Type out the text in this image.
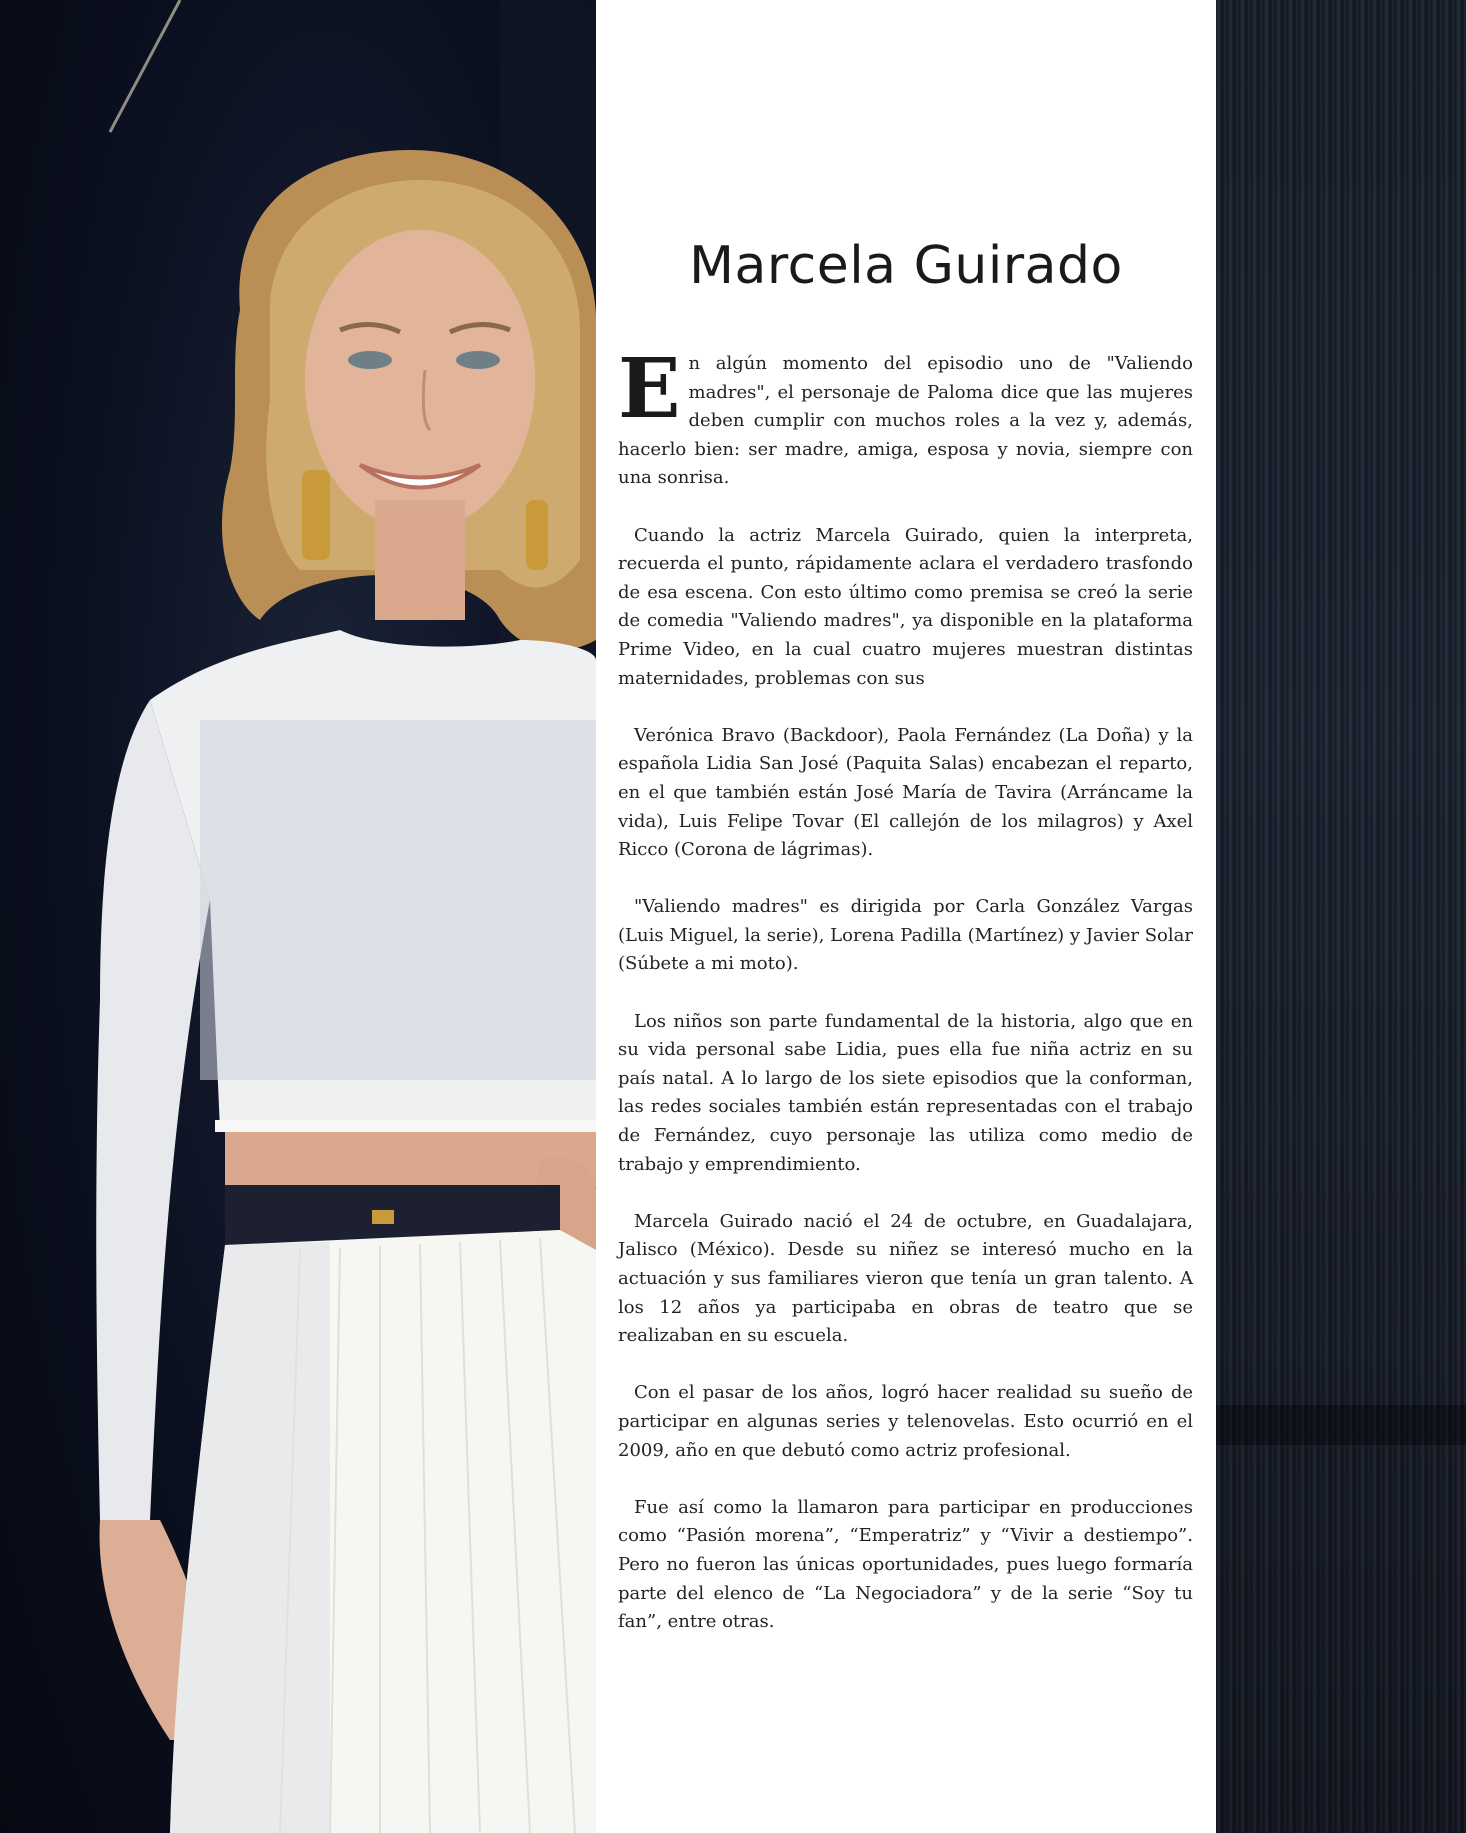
Marcela Guirado

En algún momento del episodio uno de "Valiendo madres", el personaje de Paloma dice que las mujeres deben cumplir con muchos roles a la vez y, además, hacerlo bien: ser madre, amiga, esposa y novia, siempre con una sonrisa.

Cuando la actriz Marcela Guirado, quien la interpreta, recuerda el punto, rápidamente aclara el verdadero trasfondo de esa escena. Con esto último como premisa se creó la serie de comedia "Valiendo madres", ya disponible en la plataforma Prime Video, en la cual cuatro mujeres muestran distintas maternidades, problemas con sus

Verónica Bravo (Backdoor), Paola Fernández (La Doña) y la española Lidia San José (Paquita Salas) encabezan el reparto, en el que también están José María de Tavira (Arráncame la vida), Luis Felipe Tovar (El callejón de los milagros) y Axel Ricco (Corona de lágrimas).

"Valiendo madres" es dirigida por Carla González Vargas (Luis Miguel, la serie), Lorena Padilla (Martínez) y Javier Solar (Súbete a mi moto).

Los niños son parte fundamental de la historia, algo que en su vida personal sabe Lidia, pues ella fue niña actriz en su país natal. A lo largo de los siete episodios que la conforman, las redes sociales también están representadas con el trabajo de Fernández, cuyo personaje las utiliza como medio de trabajo y emprendimiento.

Marcela Guirado nació el 24 de octubre, en Guadalajara, Jalisco (México). Desde su niñez se interesó mucho en la actuación y sus familiares vieron que tenía un gran talento. A los 12 años ya participaba en obras de teatro que se realizaban en su escuela.

Con el pasar de los años, logró hacer realidad su sueño de participar en algunas series y telenovelas. Esto ocurrió en el 2009, año en que debutó como actriz profesional.

Fue así como la llamaron para participar en producciones como “Pasión morena”, “Emperatriz” y “Vivir a destiempo”. Pero no fueron las únicas oportunidades, pues luego formaría parte del elenco de “La Negociadora” y de la serie “Soy tu fan”, entre otras.
